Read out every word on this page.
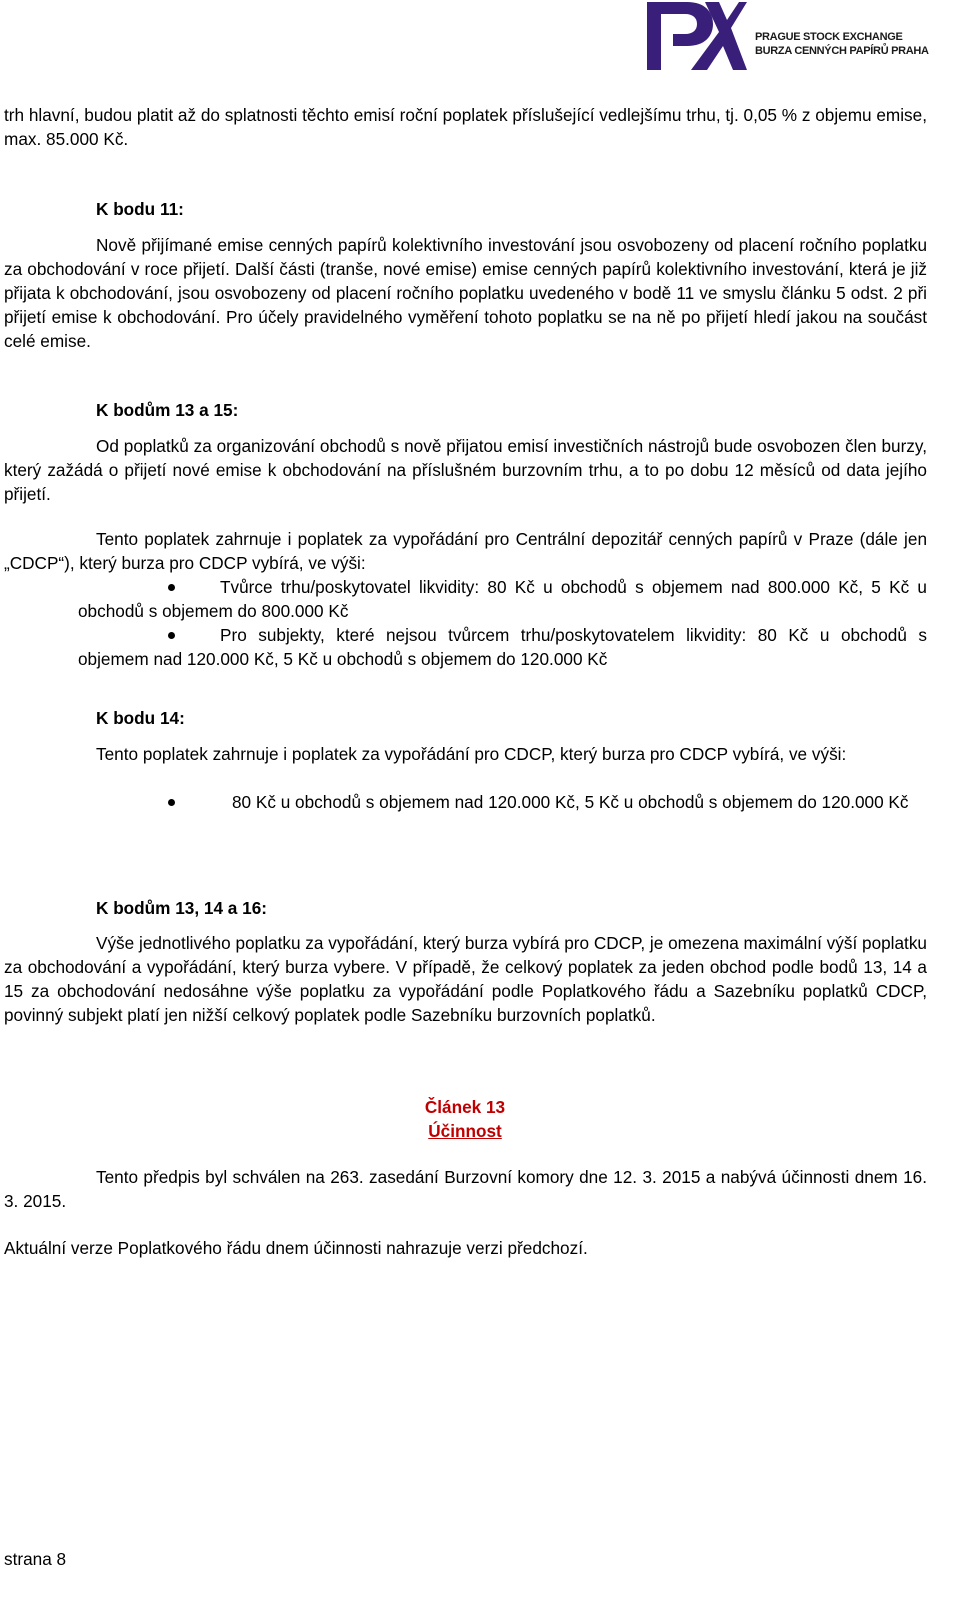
PRAGUE STOCK EXCHANGE
BURZA CENNÝCH PAPÍRŮ PRAHA

trh hlavní, budou platit až do splatnosti těchto emisí roční poplatek příslušející vedlejšímu trhu, tj. 0,05 % z objemu emise, max. 85.000 Kč.

K bodu 11:

Nově přijímané emise cenných papírů kolektivního investování jsou osvobozeny od placení ročního poplatku za obchodování v roce přijetí. Další části (tranše, nové emise) emise cenných papírů kolektivního investování, která je již přijata k obchodování, jsou osvobozeny od placení ročního poplatku uvedeného v bodě 11 ve smyslu článku 5 odst. 2 při přijetí emise k obchodování. Pro účely pravidelného vyměření tohoto poplatku se na ně po přijetí hledí jakou na součást celé emise.

K bodům 13 a 15:

Od poplatků za organizování obchodů s nově přijatou emisí investičních nástrojů bude osvobozen člen burzy, který zažádá o přijetí nové emise k obchodování na příslušném burzovním trhu, a to po dobu 12 měsíců od data jejího přijetí.

Tento poplatek zahrnuje i poplatek za vypořádání pro Centrální depozitář cenných papírů v Praze (dále jen „CDCP“), který burza pro CDCP vybírá, ve výši:

Tvůrce trhu/poskytovatel likvidity: 80 Kč u obchodů s objemem nad 800.000 Kč, 5 Kč u obchodů s objemem do 800.000 Kč

Pro subjekty, které nejsou tvůrcem trhu/poskytovatelem likvidity: 80 Kč u obchodů s objemem nad 120.000 Kč, 5 Kč u obchodů s objemem do 120.000 Kč

K bodu 14:

Tento poplatek zahrnuje i poplatek za vypořádání pro CDCP, který burza pro CDCP vybírá, ve výši:

80 Kč u obchodů s objemem nad 120.000 Kč, 5 Kč u obchodů s objemem do 120.000 Kč

K bodům 13, 14 a 16:

Výše jednotlivého poplatku za vypořádání, který burza vybírá pro CDCP, je omezena maximální výší poplatku za obchodování a vypořádání, který burza vybere. V případě, že celkový poplatek za jeden obchod podle bodů 13, 14 a 15 za obchodování nedosáhne výše poplatku za vypořádání podle Poplatkového řádu a Sazebníku poplatků CDCP, povinný subjekt platí jen nižší celkový poplatek podle Sazebníku burzovních poplatků.

Článek 13
Účinnost

Tento předpis byl schválen na 263. zasedání Burzovní komory dne 12. 3. 2015 a nabývá účinnosti dnem 16. 3. 2015.

Aktuální verze Poplatkového řádu dnem účinnosti nahrazuje verzi předchozí.

strana 8
